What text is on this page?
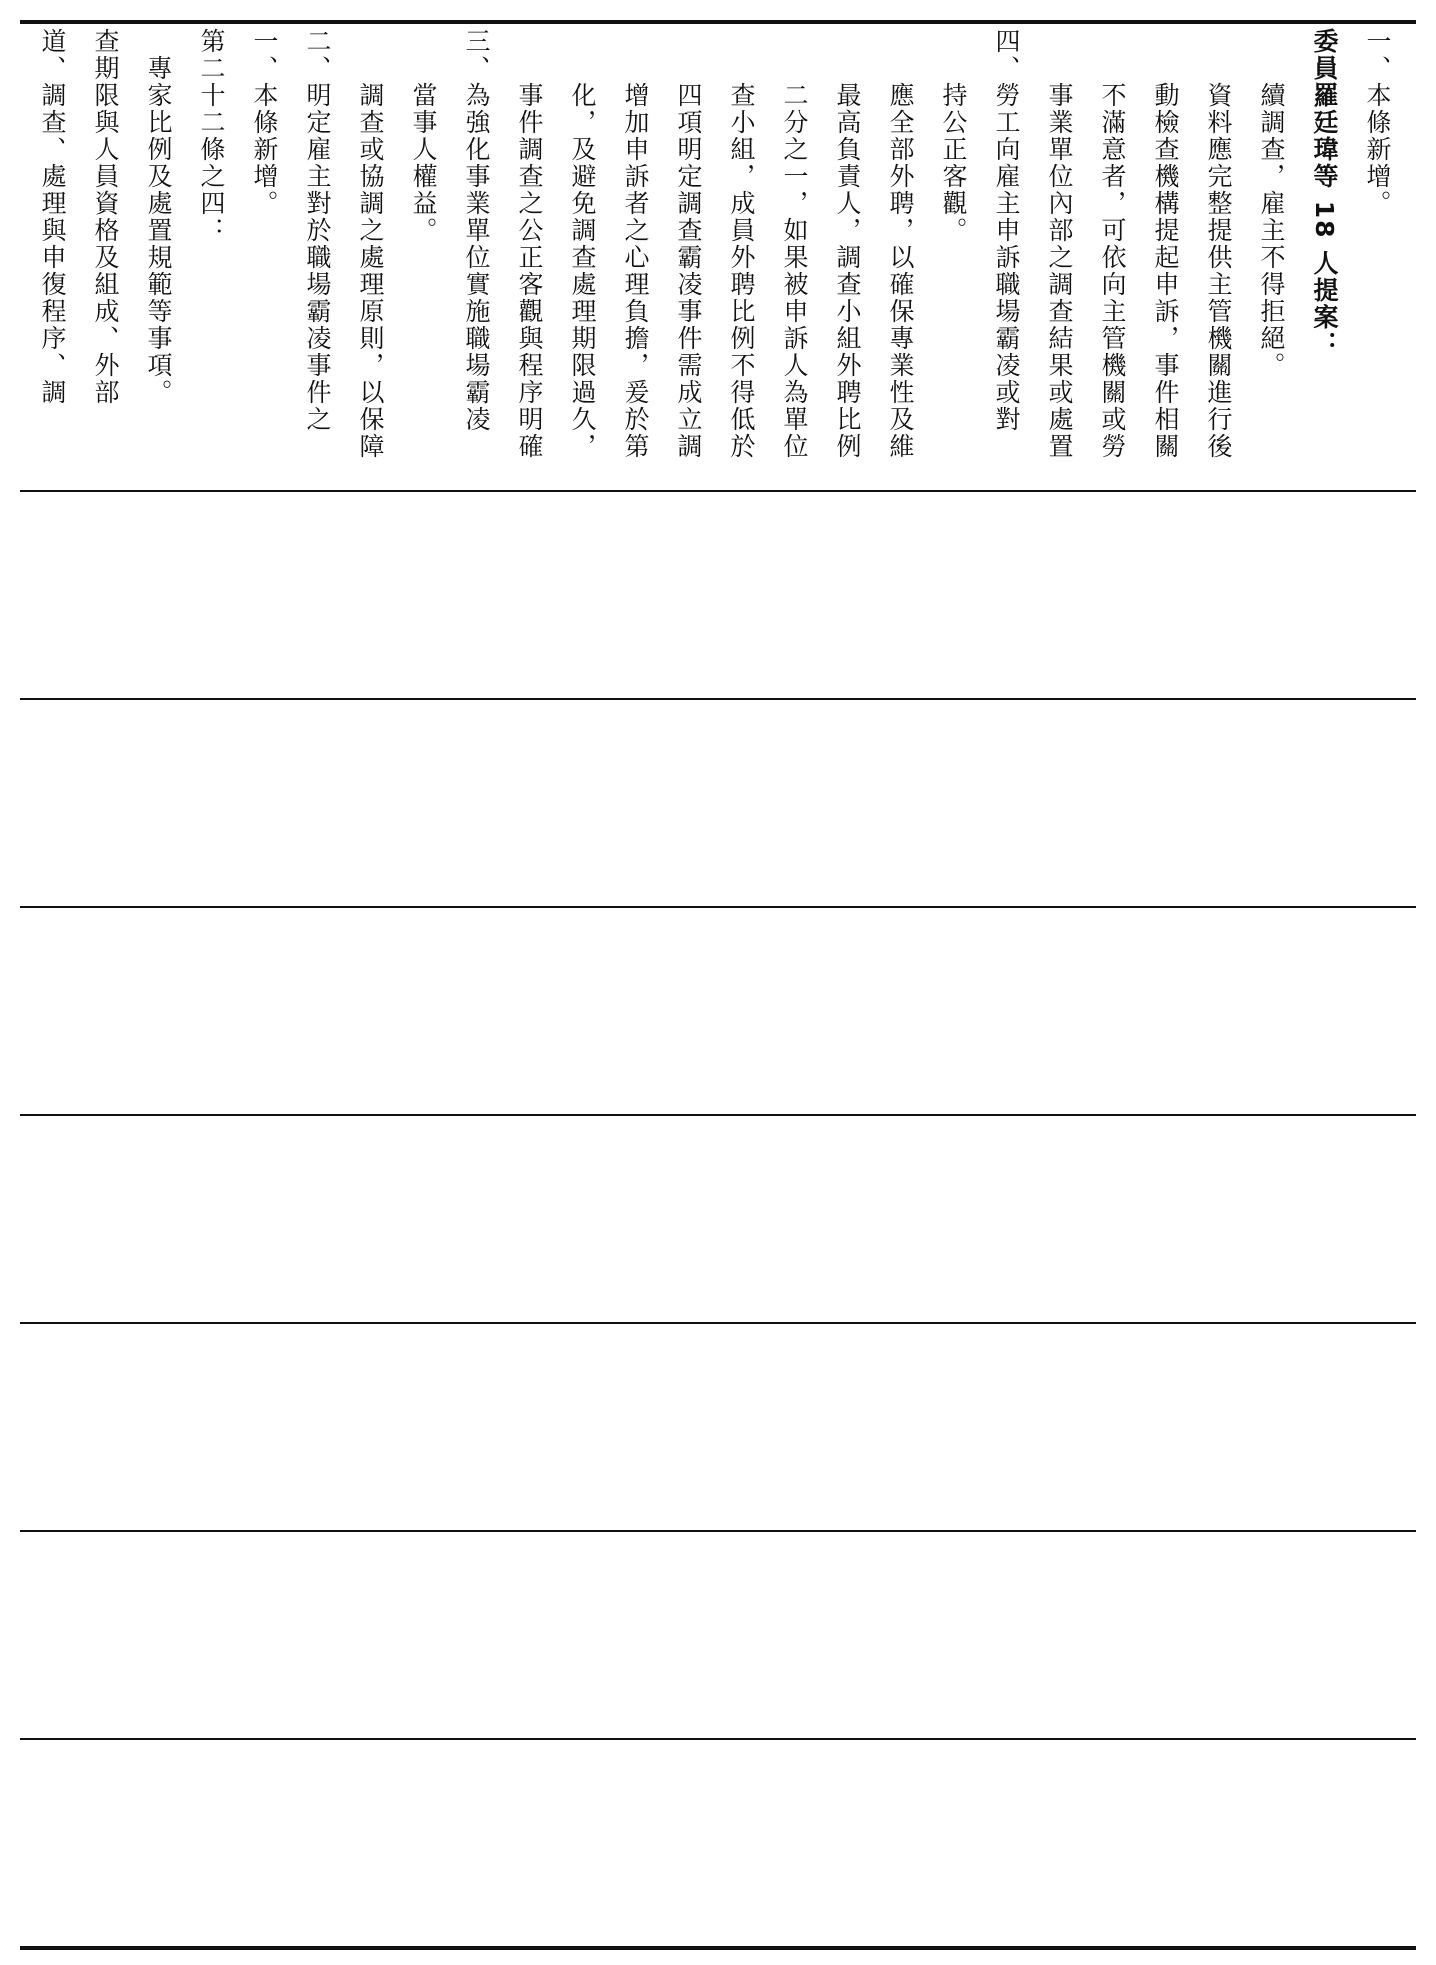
道、調查、處理與申復程序、調 查期限與人員資格及組成、外部 　專家比例及處置規範等事項。 第二十二條之四： 一、本條新增。 二、明定雇主對於職場霸凌事件之 　　調查或協調之處理原則，以保障 　　當事人權益。 三、為強化事業單位實施職場霸凌 　　事件調查之公正客觀與程序明確 　　化，及避免調查處理期限過久， 　　增加申訴者之心理負擔，爰於第 　　四項明定調查霸凌事件需成立調 　　查小組，成員外聘比例不得低於 　　二分之一，如果被申訴人為單位 　　最高負責人，調查小組外聘比例 　　應全部外聘，以確保專業性及維 　　持公正客觀。 四、勞工向雇主申訴職場霸凌或對 　　事業單位內部之調查結果或處置 　　不滿意者，可依向主管機關或勞 　　動檢查機構提起申訴，事件相關 　　資料應完整提供主管機關進行後 　　續調查，雇主不得拒絕。 委員羅廷瑋等 18 人提案： 一、本條新增。
